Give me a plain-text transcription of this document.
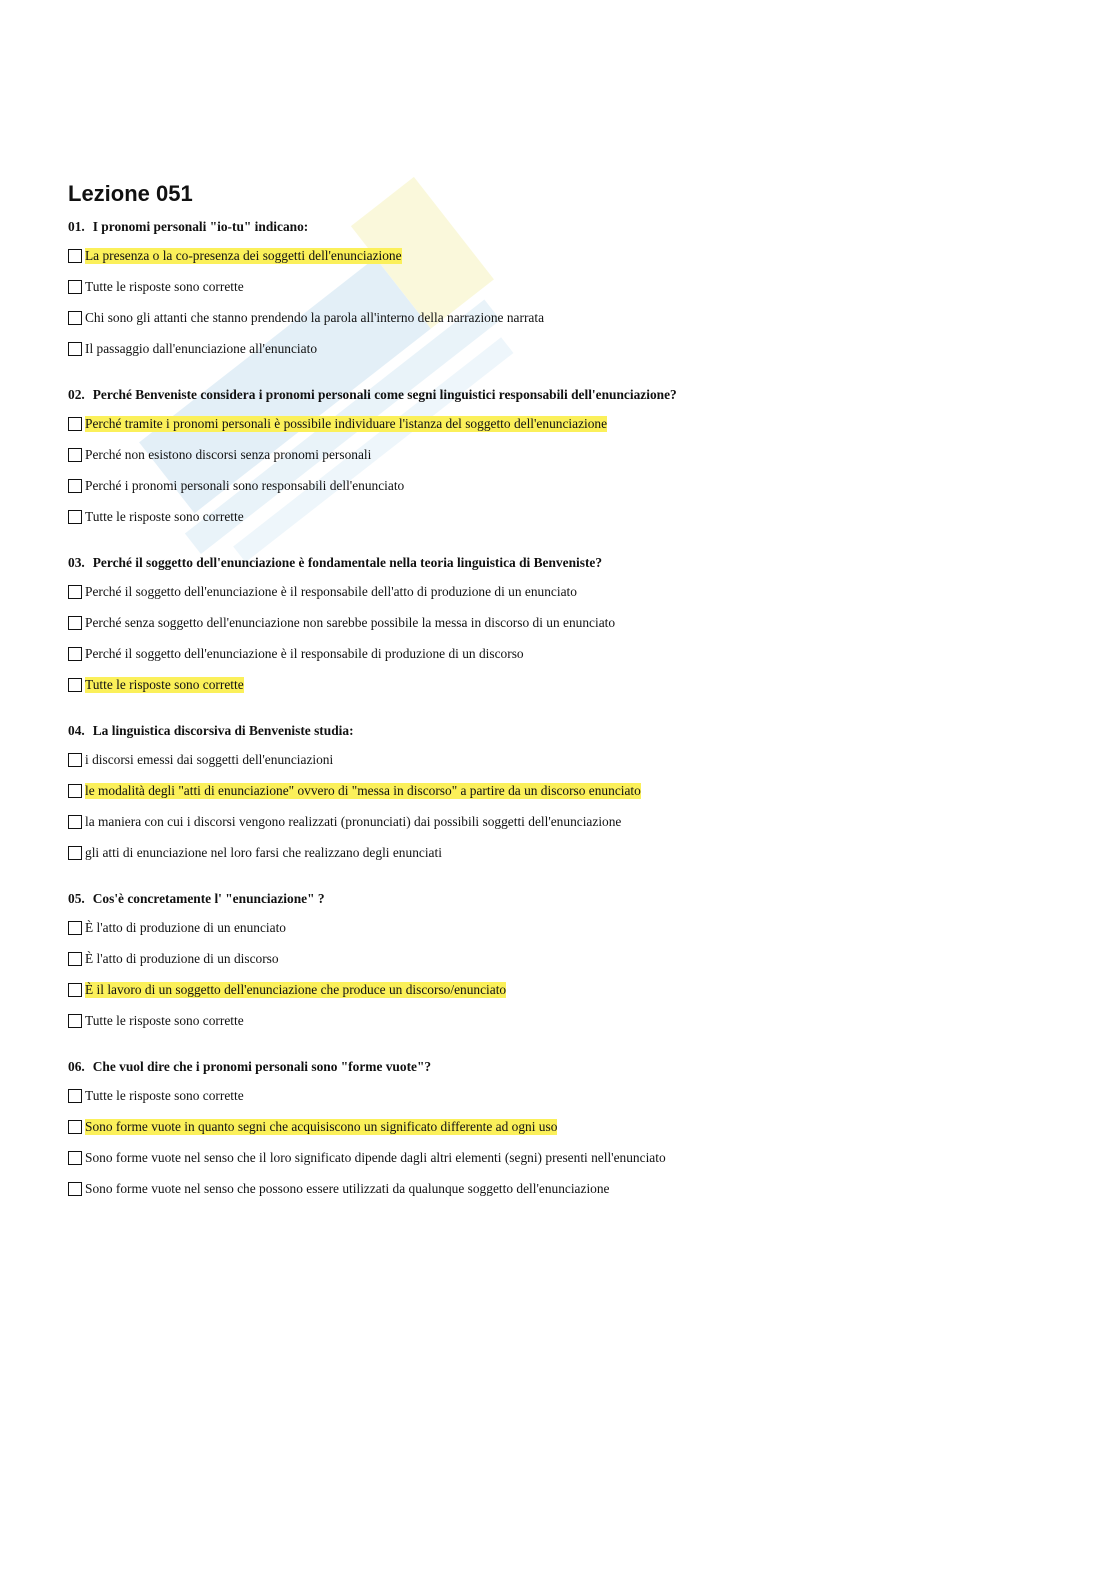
Lezione 051
01. I pronomi personali "io-tu" indicano:
La presenza o la co-presenza dei soggetti dell'enunciazione
Tutte le risposte sono corrette
Chi sono gli attanti che stanno prendendo la parola all'interno della narrazione narrata
Il passaggio dall'enunciazione all'enunciato
02. Perché Benveniste considera i pronomi personali come segni linguistici responsabili dell'enunciazione?
Perché tramite i pronomi personali è possibile individuare l'istanza del soggetto dell'enunciazione
Perché non esistono discorsi senza pronomi personali
Perché i pronomi personali sono responsabili dell'enunciato
Tutte le risposte sono corrette
03. Perché il soggetto dell'enunciazione è fondamentale nella teoria linguistica di Benveniste?
Perché il soggetto dell'enunciazione è il responsabile dell'atto di produzione di un enunciato
Perché senza soggetto dell'enunciazione non sarebbe possibile la messa in discorso di un enunciato
Perché il soggetto dell'enunciazione è il responsabile di produzione di un discorso
Tutte le risposte sono corrette
04. La linguistica discorsiva di Benveniste studia:
i discorsi emessi dai soggetti dell'enunciazioni
le modalità degli "atti di enunciazione" ovvero di "messa in discorso" a partire da un discorso enunciato
la maniera con cui i discorsi vengono realizzati (pronunciati) dai possibili soggetti dell'enunciazione
gli atti di enunciazione nel loro farsi che realizzano degli enunciati
05. Cos'è concretamente l' "enunciazione" ?
È l'atto di produzione di un enunciato
È l'atto di produzione di un discorso
È il lavoro di un soggetto dell'enunciazione che produce un discorso/enunciato
Tutte le risposte sono corrette
06. Che vuol dire che i pronomi personali sono "forme vuote"?
Tutte le risposte sono corrette
Sono forme vuote in quanto segni che acquisiscono un significato differente ad ogni uso
Sono forme vuote nel senso che il loro significato dipende dagli altri elementi (segni) presenti nell'enunciato
Sono forme vuote nel senso che possono essere utilizzati da qualunque soggetto dell'enunciazione
